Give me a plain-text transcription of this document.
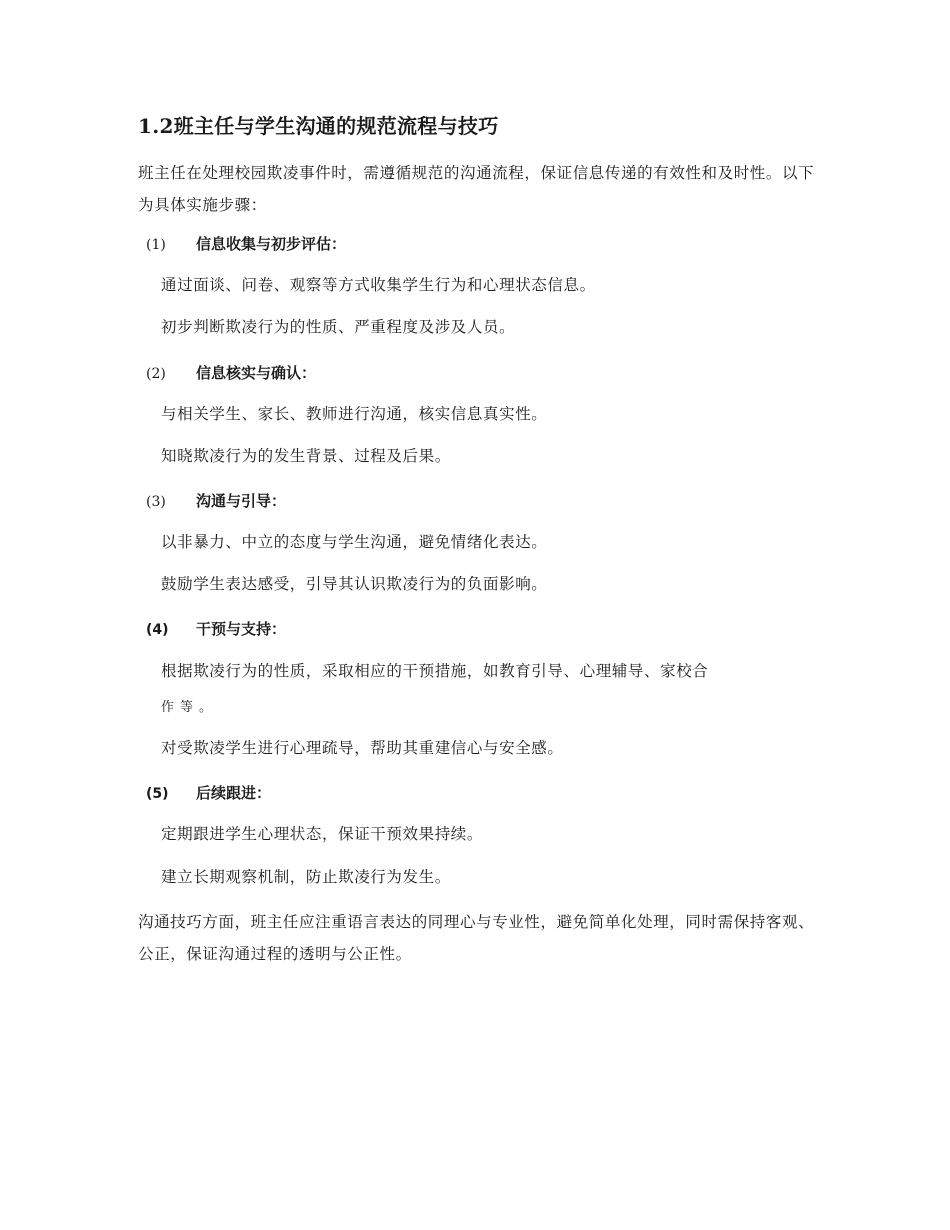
1.2班主任与学生沟通的规范流程与技巧
班主任在处理校园欺凌事件时，需遵循规范的沟通流程，保证信息传递的有效性和及时性。以下为具体实施步骤：
(1) 信息收集与初步评估：
通过面谈、问卷、观察等方式收集学生行为和心理状态信息。
初步判断欺凌行为的性质、严重程度及涉及人员。
(2) 信息核实与确认：
与相关学生、家长、教师进行沟通，核实信息真实性。
知晓欺凌行为的发生背景、过程及后果。
(3) 沟通与引导：
以非暴力、中立的态度与学生沟通，避免情绪化表达。
鼓励学生表达感受，引导其认识欺凌行为的负面影响。
(4) 干预与支持：
根据欺凌行为的性质，采取相应的干预措施，如教育引导、心理辅导、家校合
作等。
对受欺凌学生进行心理疏导，帮助其重建信心与安全感。
(5) 后续跟进：
定期跟进学生心理状态，保证干预效果持续。
建立长期观察机制，防止欺凌行为发生。
沟通技巧方面，班主任应注重语言表达的同理心与专业性，避免简单化处理，同时需保持客观、公正，保证沟通过程的透明与公正性。
